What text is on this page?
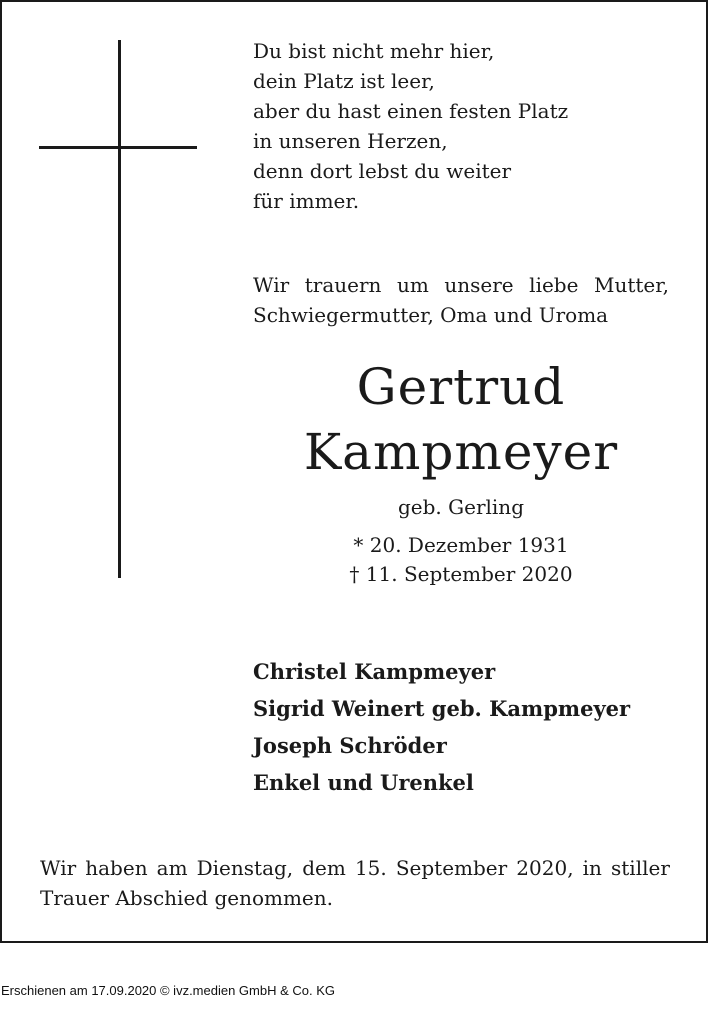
Du bist nicht mehr hier,
dein Platz ist leer,
aber du hast einen festen Platz
in unseren Herzen,
denn dort lebst du weiter
für immer.
Wir trauern um unsere liebe Mutter,
Schwiegermutter, Oma und Uroma
Gertrud
Kampmeyer
geb. Gerling
* 20. Dezember 1931
† 11. September 2020
Christel Kampmeyer
Sigrid Weinert geb. Kampmeyer
Joseph Schröder
Enkel und Urenkel
Wir haben am Dienstag, dem 15. September 2020, in stiller
Trauer Abschied genommen.
Erschienen am 17.09.2020 © ivz.medien GmbH & Co. KG
